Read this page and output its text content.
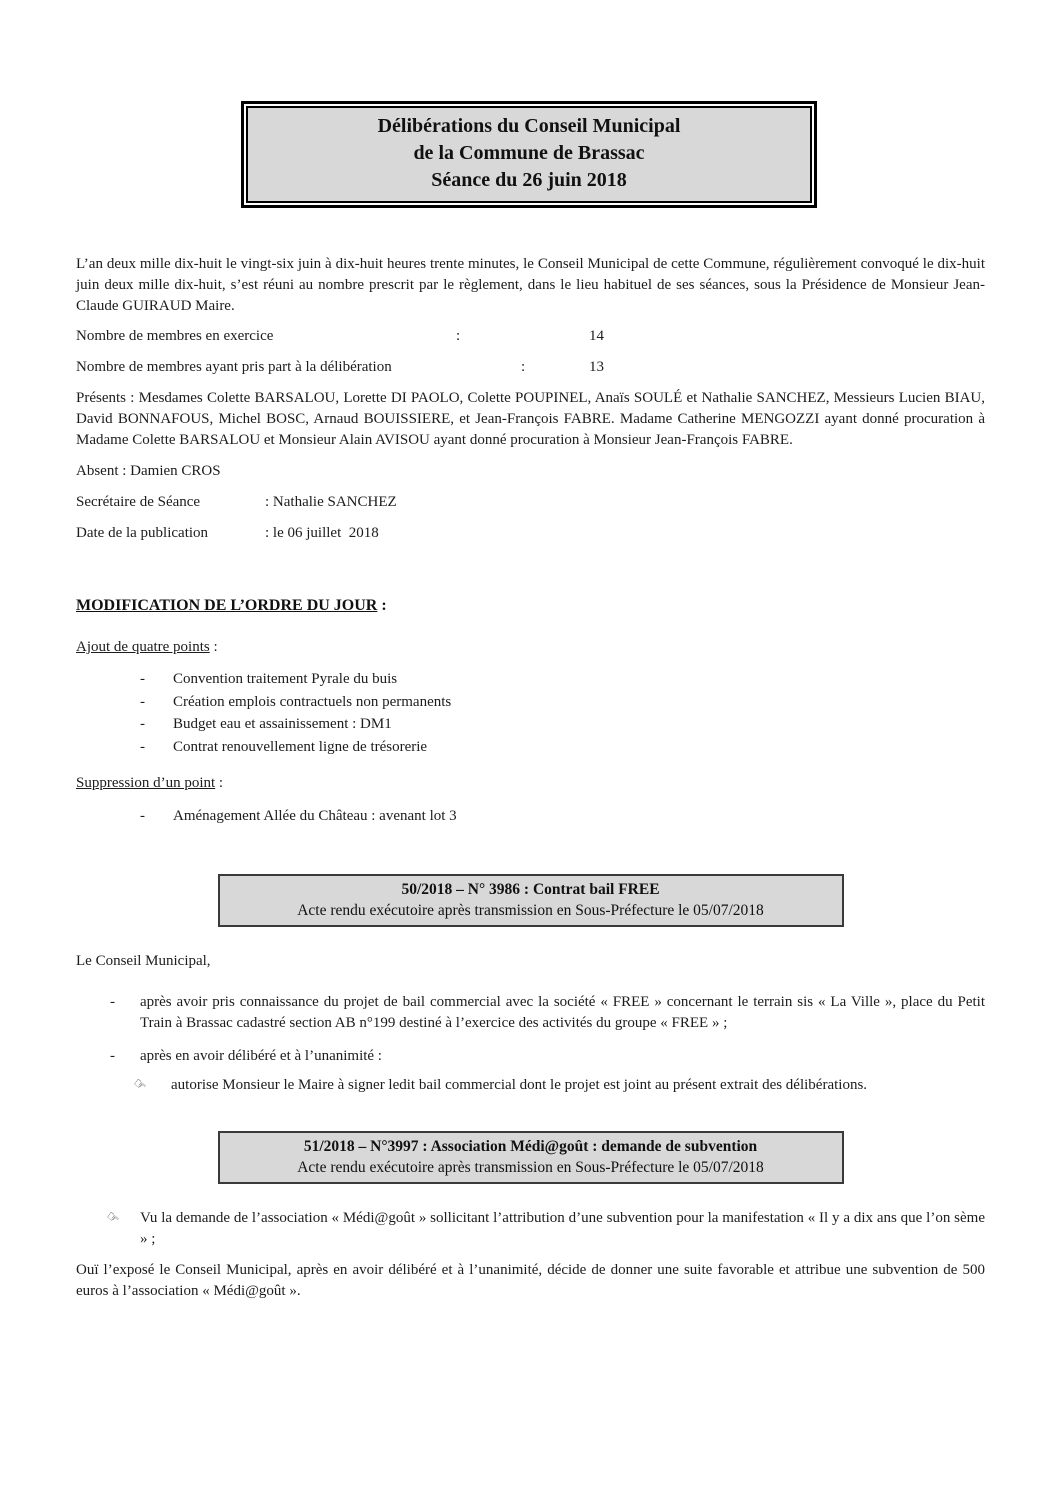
Délibérations du Conseil Municipal
de la Commune de Brassac
Séance du 26 juin 2018

L’an deux mille dix-huit le vingt-six juin à dix-huit heures trente minutes, le Conseil Municipal de cette Commune, régulièrement convoqué le dix-huit juin deux mille dix-huit, s’est réuni au nombre prescrit par le règlement, dans le lieu habituel de ses séances, sous la Présidence de Monsieur Jean-Claude GUIRAUD Maire.

Nombre de membres en exercice	:	14
Nombre de membres ayant pris part à la délibération	:	13

Présents : Mesdames Colette BARSALOU, Lorette DI PAOLO, Colette POUPINEL, Anaïs SOULÉ et Nathalie SANCHEZ, Messieurs Lucien BIAU, David BONNAFOUS, Michel BOSC, Arnaud BOUISSIERE, et Jean-François FABRE. Madame Catherine MENGOZZI ayant donné procuration à Madame Colette BARSALOU et Monsieur Alain AVISOU ayant donné procuration à Monsieur Jean-François FABRE.

Absent : Damien CROS

Secrétaire de Séance	: Nathalie SANCHEZ
Date de la publication	: le 06 juillet  2018

MODIFICATION DE L’ORDRE DU JOUR :

Ajout de quatre points :

- Convention traitement Pyrale du buis
- Création emplois contractuels non permanents
- Budget eau et assainissement : DM1
- Contrat renouvellement ligne de trésorerie

Suppression d’un point :

- Aménagement Allée du Château : avenant lot 3
50/2018 – N° 3986 : Contrat bail FREE
Acte rendu exécutoire après transmission en Sous-Préfecture le 05/07/2018

Le Conseil Municipal,

- après avoir pris connaissance du projet de bail commercial avec la société « FREE » concernant le terrain sis « La Ville », place du Petit Train à Brassac cadastré section AB n°199 destiné à l’exercice des activités du groupe « FREE » ;
- après en avoir délibéré et à l’unanimité :
☞ autorise Monsieur le Maire à signer ledit bail commercial dont le projet est joint au présent extrait des délibérations.
51/2018 – N°3997 : Association Médi@goût : demande de subvention
Acte rendu exécutoire après transmission en Sous-Préfecture le 05/07/2018
☞ Vu la demande de l’association « Médi@goût » sollicitant l’attribution d’une subvention pour la manifestation « Il y a dix ans que l’on sème » ;

Ouï l’exposé le Conseil Municipal, après en avoir délibéré et à l’unanimité, décide de donner une suite favorable et attribue une subvention de 500 euros à l’association « Médi@goût ».
